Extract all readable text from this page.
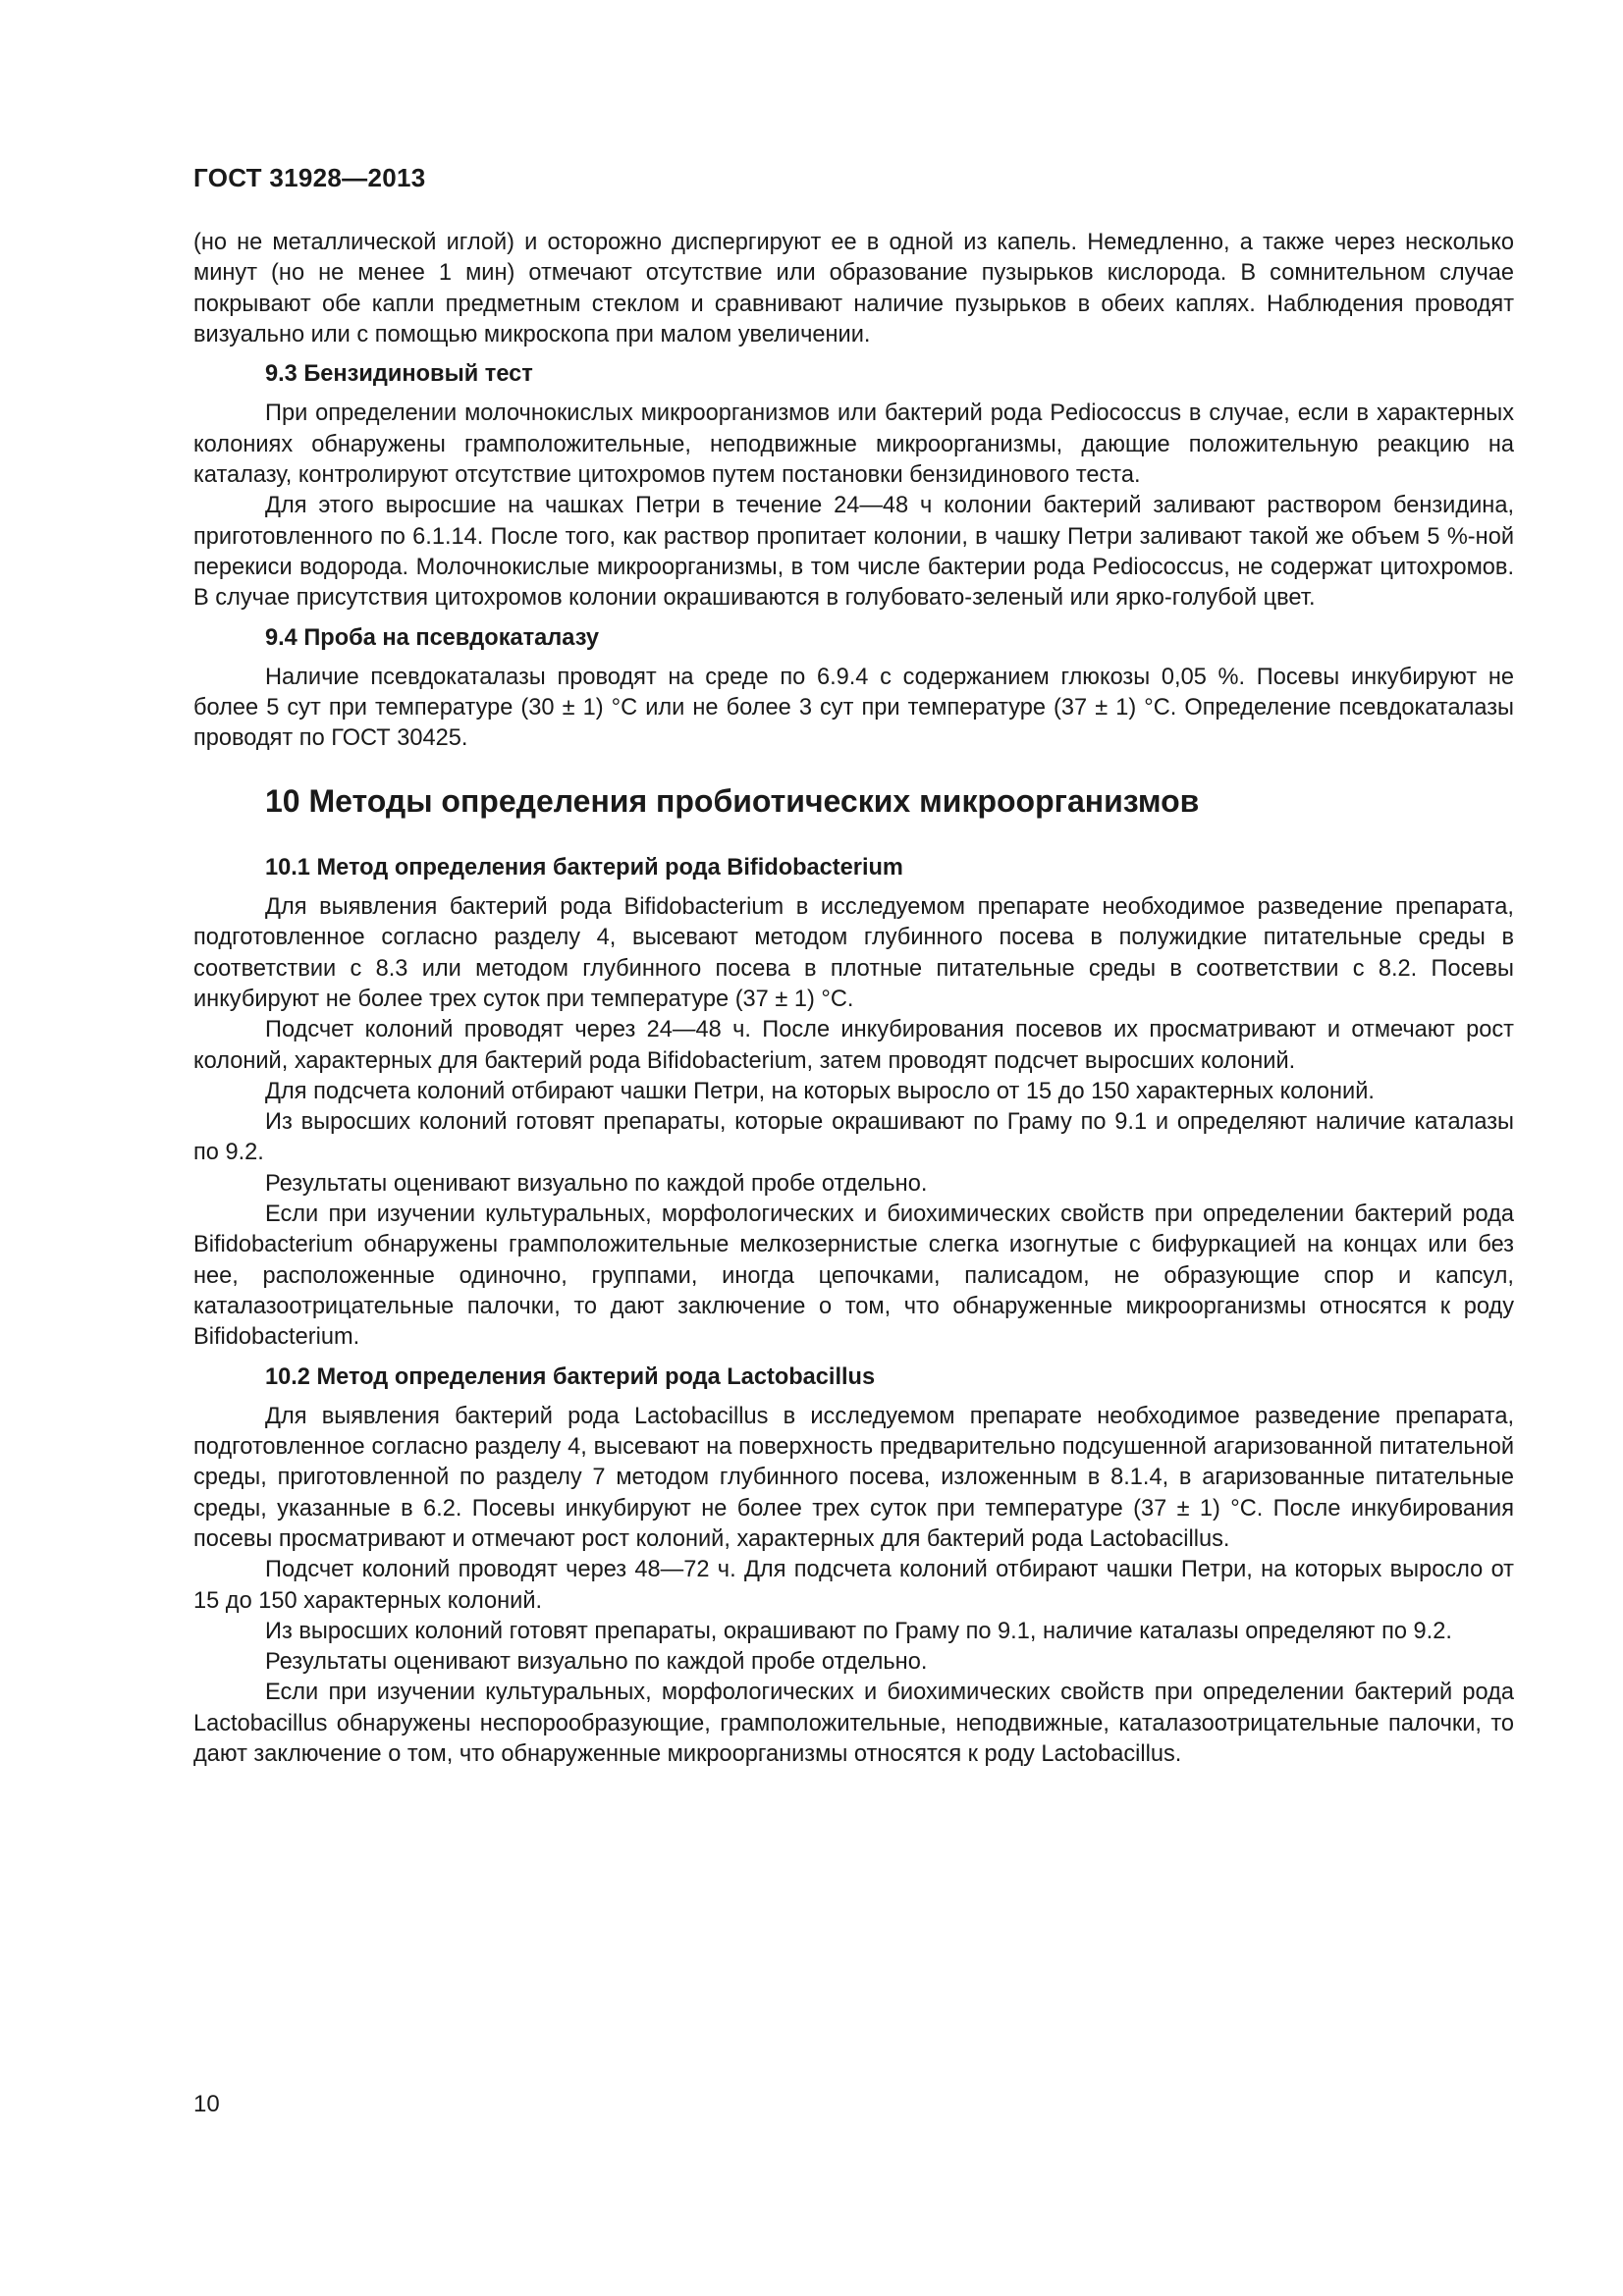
ГОСТ 31928—2013

(но не металлической иглой) и осторожно диспергируют ее в одной из капель. Немедленно, а также через несколько минут (но не менее 1 мин) отмечают отсутствие или образование пузырьков кислорода. В сомнительном случае покрывают обе капли предметным стеклом и сравнивают наличие пузырьков в обеих каплях. Наблюдения проводят визуально или с помощью микроскопа при малом увеличении.

9.3 Бензидиновый тест

При определении молочнокислых микроорганизмов или бактерий рода Pediococcus в случае, если в характерных колониях обнаружены грамположительные, неподвижные микроорганизмы, дающие положительную реакцию на каталазу, контролируют отсутствие цитохромов путем постановки бензидинового теста.

Для этого выросшие на чашках Петри в течение 24—48 ч колонии бактерий заливают раствором бензидина, приготовленного по 6.1.14. После того, как раствор пропитает колонии, в чашку Петри заливают такой же объем 5 %-ной перекиси водорода. Молочнокислые микроорганизмы, в том числе бактерии рода Pediococcus, не содержат цитохромов. В случае присутствия цитохромов колонии окрашиваются в голубовато-зеленый или ярко-голубой цвет.

9.4 Проба на псевдокаталазу

Наличие псевдокаталазы проводят на среде по 6.9.4 с содержанием глюкозы 0,05 %. Посевы инкубируют не более 5 сут при температуре (30 ± 1) °С или не более 3 сут при температуре (37 ± 1) °С. Определение псевдокаталазы проводят по ГОСТ 30425.

10 Методы определения пробиотических микроорганизмов
10.1 Метод определения бактерий рода Bifidobacterium

Для выявления бактерий рода Bifidobacterium в исследуемом препарате необходимое разведение препарата, подготовленное согласно разделу 4, высевают методом глубинного посева в полужидкие питательные среды в соответствии с 8.3 или методом глубинного посева в плотные питательные среды в соответствии с 8.2. Посевы инкубируют не более трех суток при температуре (37 ± 1) °С.

Подсчет колоний проводят через 24—48 ч. После инкубирования посевов их просматривают и отмечают рост колоний, характерных для бактерий рода Bifidobacterium, затем проводят подсчет выросших колоний.

Для подсчета колоний отбирают чашки Петри, на которых выросло от 15 до 150 характерных колоний.

Из выросших колоний готовят препараты, которые окрашивают по Граму по 9.1 и определяют наличие каталазы по 9.2.

Результаты оценивают визуально по каждой пробе отдельно.

Если при изучении культуральных, морфологических и биохимических свойств при определении бактерий рода Bifidobacterium обнаружены грамположительные мелкозернистые слегка изогнутые с бифуркацией на концах или без нее, расположенные одиночно, группами, иногда цепочками, палисадом, не образующие спор и капсул, каталазоотрицательные палочки, то дают заключение о том, что обнаруженные микроорганизмы относятся к роду Bifidobacterium.

10.2 Метод определения бактерий рода Lactobacillus

Для выявления бактерий рода Lactobacillus в исследуемом препарате необходимое разведение препарата, подготовленное согласно разделу 4, высевают на поверхность предварительно подсушенной агаризованной питательной среды, приготовленной по разделу 7 методом глубинного посева, изложенным в 8.1.4, в агаризованные питательные среды, указанные в 6.2. Посевы инкубируют не более трех суток при температуре (37 ± 1) °С. После инкубирования посевы просматривают и отмечают рост колоний, характерных для бактерий рода Lactobacillus.

Подсчет колоний проводят через 48—72 ч. Для подсчета колоний отбирают чашки Петри, на которых выросло от 15 до 150 характерных колоний.

Из выросших колоний готовят препараты, окрашивают по Граму по 9.1, наличие каталазы определяют по 9.2.

Результаты оценивают визуально по каждой пробе отдельно.

Если при изучении культуральных, морфологических и биохимических свойств при определении бактерий рода Lactobacillus обнаружены неспорообразующие, грамположительные, неподвижные, каталазоотрицательные палочки, то дают заключение о том, что обнаруженные микроорганизмы относятся к роду Lactobacillus.

10
